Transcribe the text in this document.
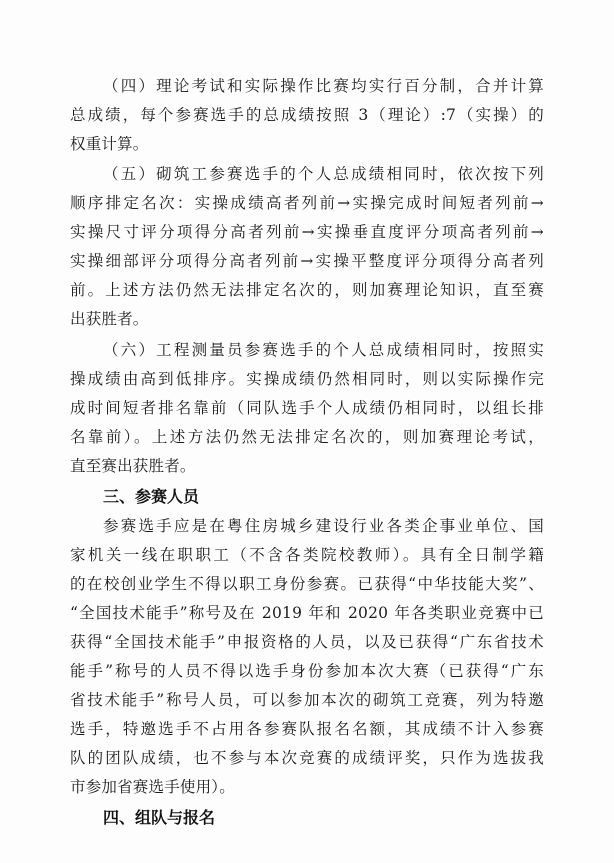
（四）理论考试和实际操作比赛均实行百分制，合并计算
总成绩，每个参赛选手的总成绩按照 3（理论）:7（实操）的
权重计算。
（五）砌筑工参赛选手的个人总成绩相同时，依次按下列
顺序排定名次：实操成绩高者列前→实操完成时间短者列前→
实操尺寸评分项得分高者列前→实操垂直度评分项高者列前→
实操细部评分项得分高者列前→实操平整度评分项得分高者列
前。上述方法仍然无法排定名次的，则加赛理论知识，直至赛
出获胜者。
（六）工程测量员参赛选手的个人总成绩相同时，按照实
操成绩由高到低排序。实操成绩仍然相同时，则以实际操作完
成时间短者排名靠前（同队选手个人成绩仍相同时，以组长排
名靠前）。上述方法仍然无法排定名次的，则加赛理论考试，
直至赛出获胜者。
三、参赛人员
参赛选手应是在粤住房城乡建设行业各类企事业单位、国
家机关一线在职职工（不含各类院校教师）。具有全日制学籍
的在校创业学生不得以职工身份参赛。已获得“中华技能大奖”、
“全国技术能手”称号及在 2019 年和 2020 年各类职业竞赛中已
获得“全国技术能手”申报资格的人员，以及已获得“广东省技术
能手”称号的人员不得以选手身份参加本次大赛（已获得“广东
省技术能手”称号人员，可以参加本次的砌筑工竞赛，列为特邀
选手，特邀选手不占用各参赛队报名名额，其成绩不计入参赛
队的团队成绩，也不参与本次竞赛的成绩评奖，只作为选拔我
市参加省赛选手使用）。
四、组队与报名
